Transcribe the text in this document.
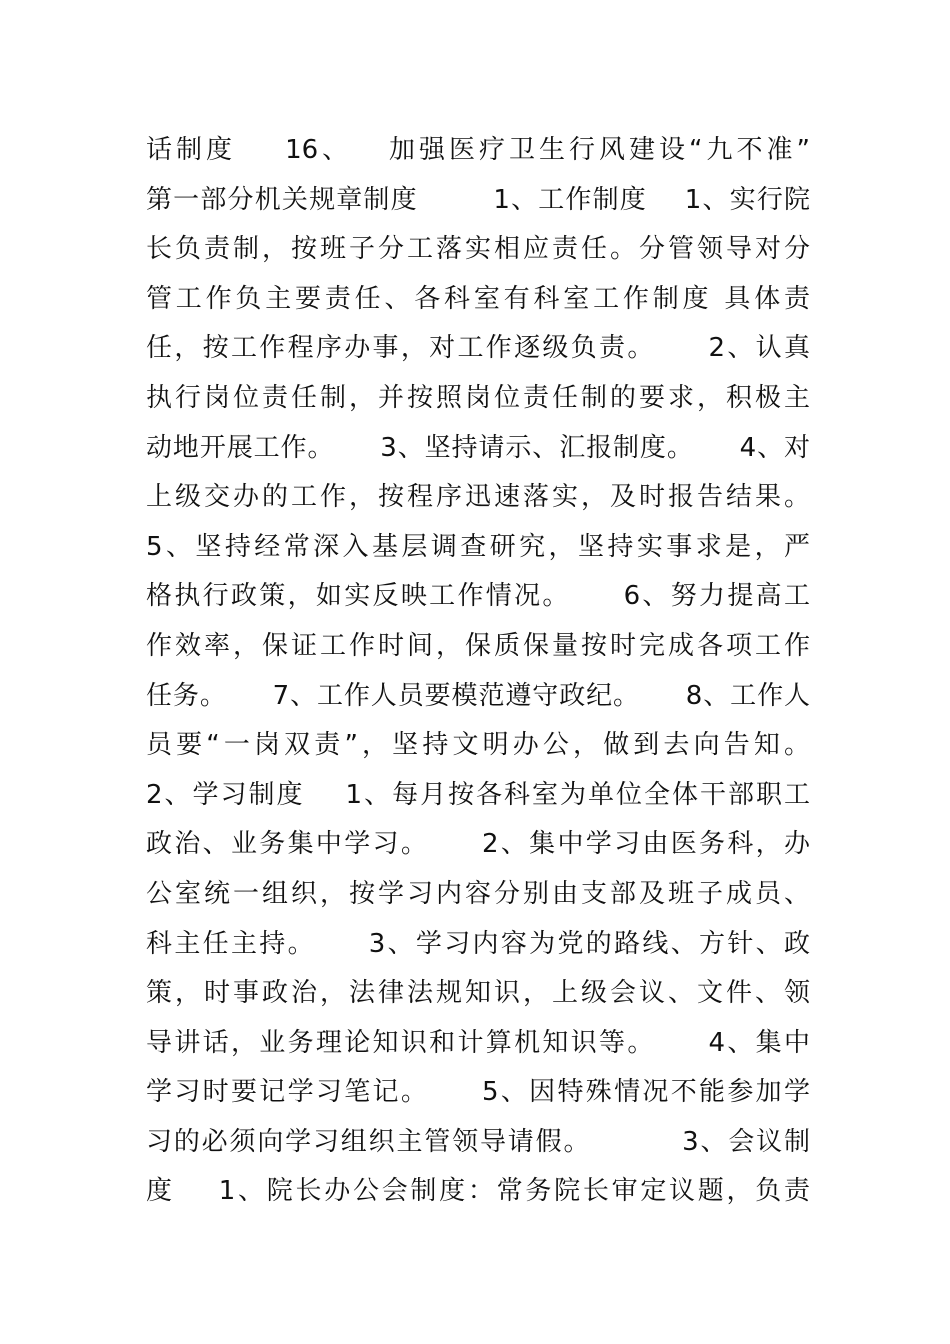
话制度    16、   加强医疗卫生行风建设“九不准”
第一部分机关规章制度        1、工作制度    1、实行院
长负责制，按班子分工落实相应责任。分管领导对分
管工作负主要责任、各科室有科室工作制度 具体责
任，按工作程序办事，对工作逐级负责。     2、认真
执行岗位责任制，并按照岗位责任制的要求，积极主
动地开展工作。     3、坚持请示、汇报制度。     4、对
上级交办的工作，按程序迅速落实，及时报告结果。
5、坚持经常深入基层调查研究，坚持实事求是，严
格执行政策，如实反映工作情况。     6、努力提高工
作效率，保证工作时间，保质保量按时完成各项工作
任务。     7、工作人员要模范遵守政纪。     8、工作人
员要“一岗双责”，坚持文明办公，做到去向告知。
2、学习制度    1、每月按各科室为单位全体干部职工
政治、业务集中学习。     2、集中学习由医务科，办
公室统一组织，按学习内容分别由支部及班子成员、
科主任主持。     3、学习内容为党的路线、方针、政
策，时事政治，法律法规知识，上级会议、文件、领
导讲话，业务理论知识和计算机知识等。     4、集中
学习时要记学习笔记。     5、因特殊情况不能参加学
习的必须向学习组织主管领导请假。         3、会议制
度    1、院长办公会制度：常务院长审定议题，负责
